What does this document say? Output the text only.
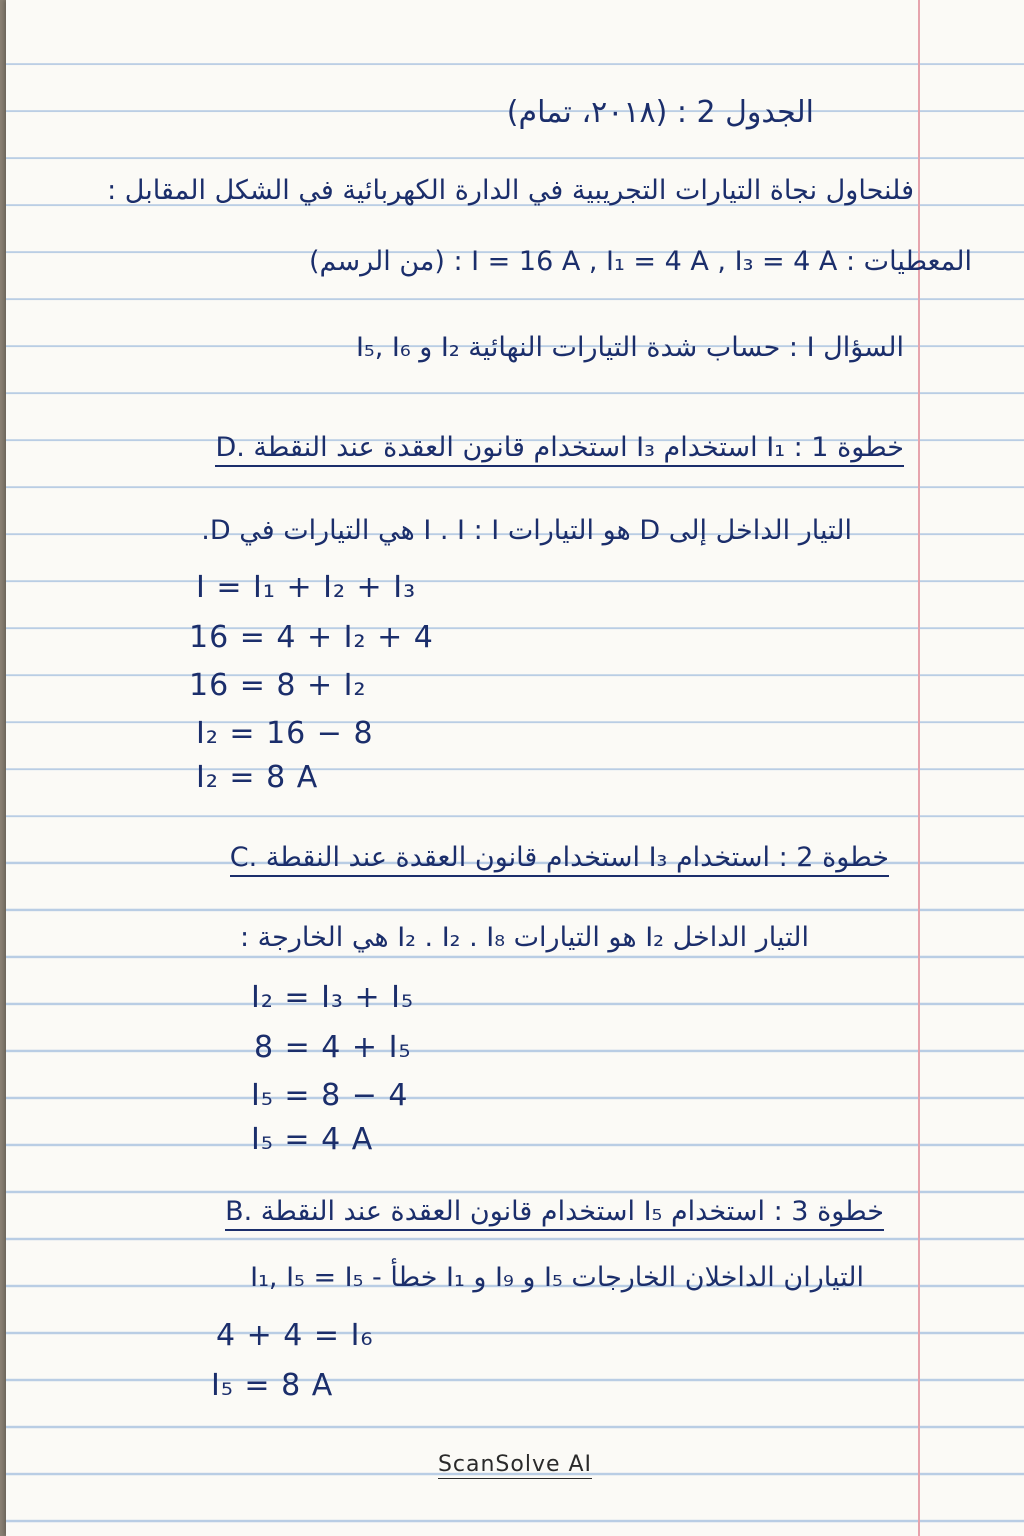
الجدول 2 : (٢٠١٨، تمام)
فلنحاول نجاة التيارات التجريبية في الدارة الكهربائية في الشكل المقابل :
المعطيات : I = 16 A , I₁ = 4 A , I₃ = 4 A : (من الرسم)
السؤال I : حساب شدة التيارات النهائية I₂ و I₅, I₆
خطوة 1 : I₁ استخدام I₃ استخدام قانون العقدة عند النقطة .D
التيار الداخل إلى D هو التيارات I . I : I هي التيارات في D.
I = I₁ + I₂ + I₃
16 = 4 + I₂ + 4
16 = 8 + I₂
I₂ = 16 − 8
I₂ = 8 A
خطوة 2 : استخدام I₃ استخدام قانون العقدة عند النقطة .C
التيار الداخل I₂ هو التيارات I₂ . I₂ . I₈ هي الخارجة :
I₂ = I₃ + I₅
8 = 4 + I₅
I₅ = 8 − 4
I₅ = 4 A
خطوة 3 : استخدام I₅ استخدام قانون العقدة عند النقطة .B
التياران الداخلان الخارجات I₅ و I₉ و I₁ خطأ - I₁, I₅ = I₅
4 + 4 = I₆
I₅ = 8 A
ScanSolve AI
